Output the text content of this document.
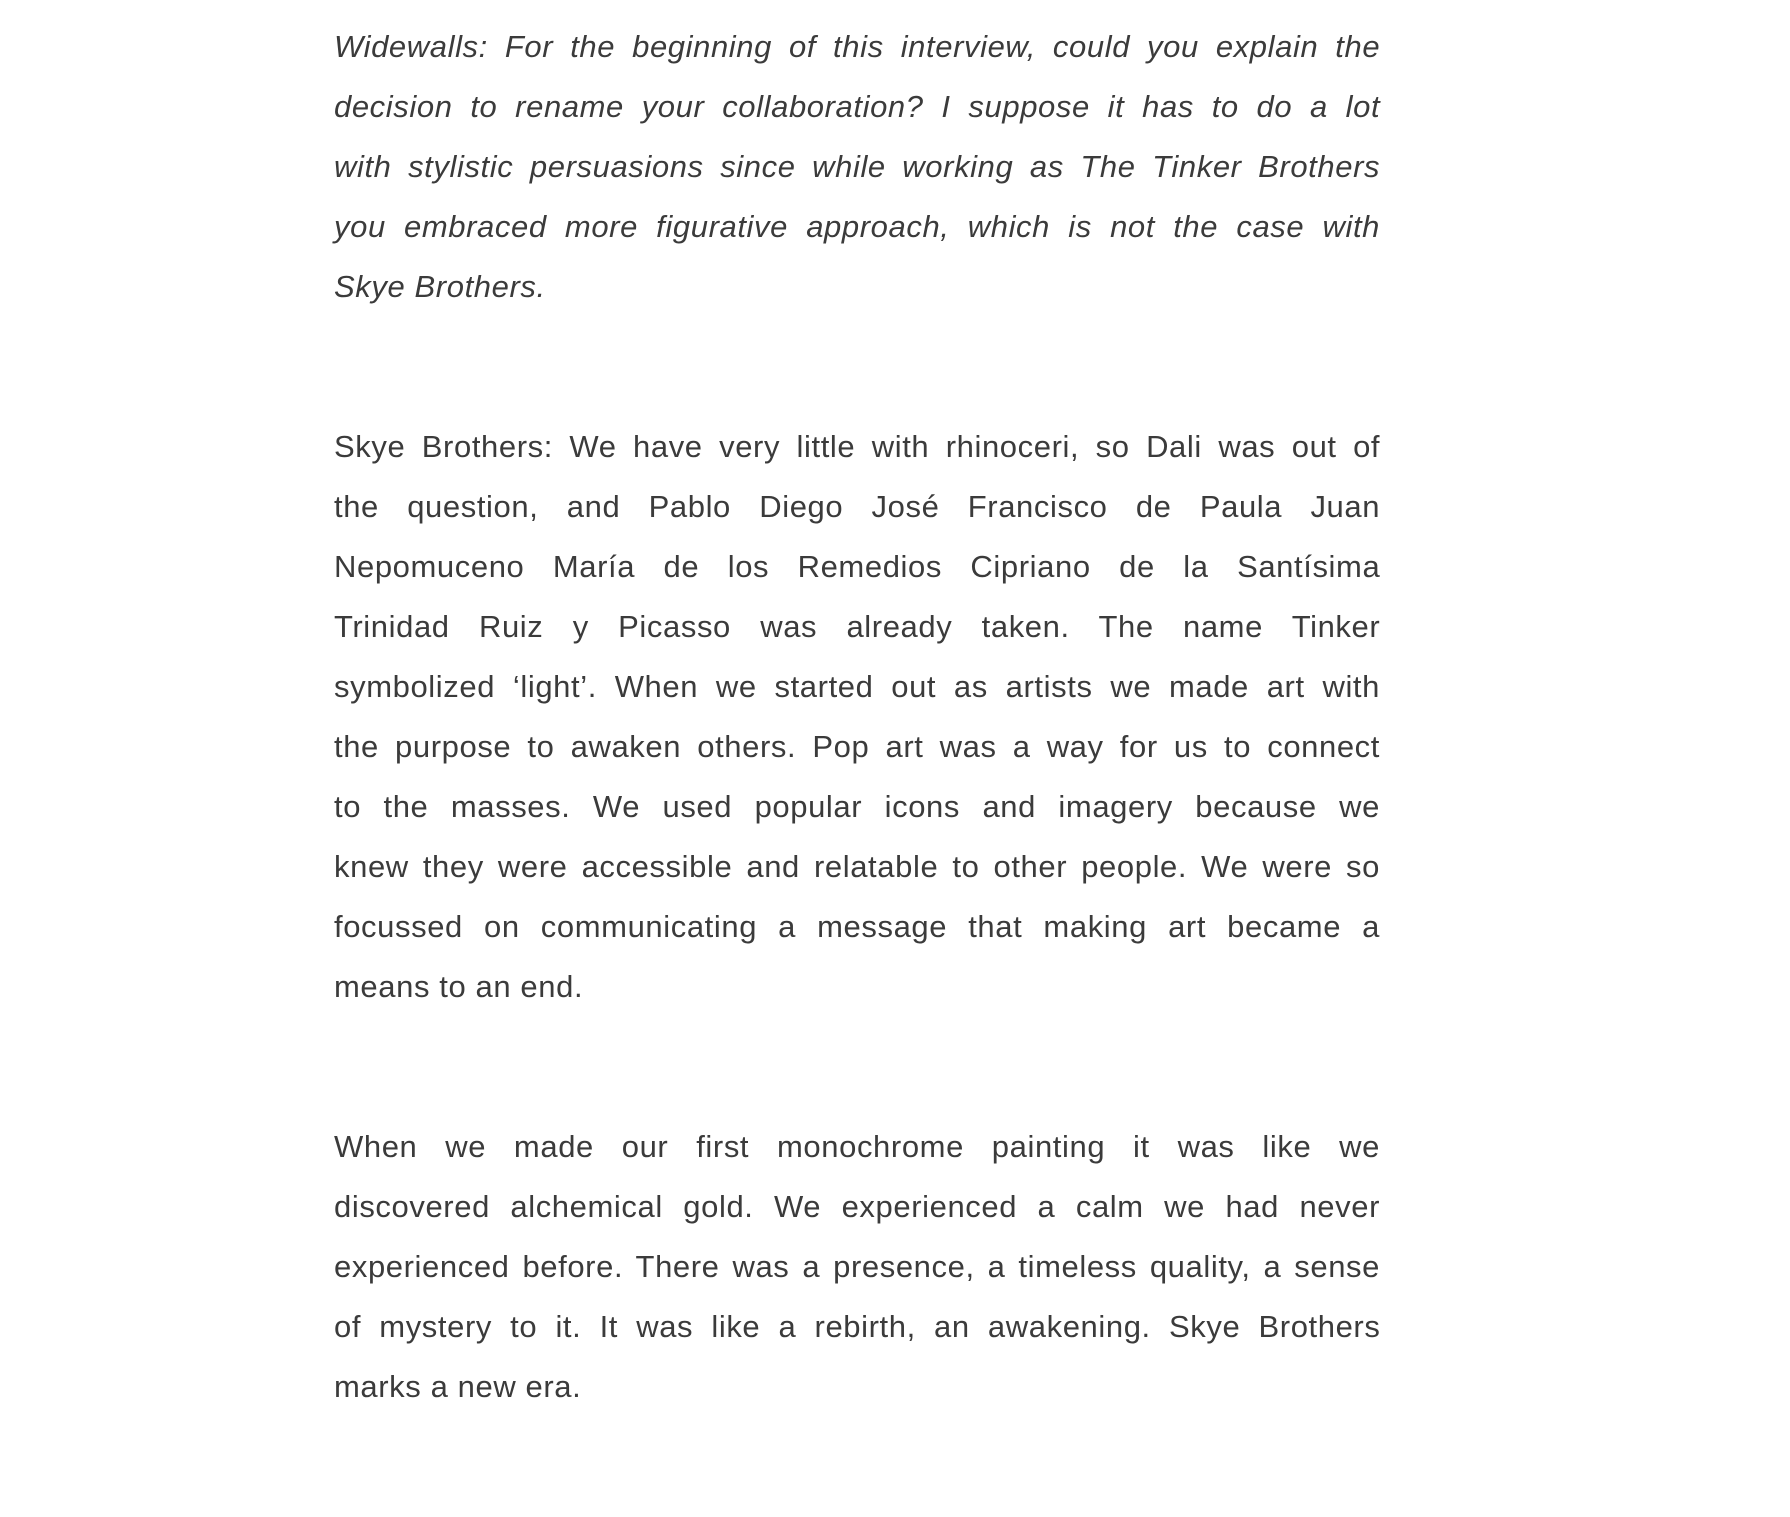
Widewalls: For the beginning of this interview, could you explain the
decision to rename your collaboration? I suppose it has to do a lot
with stylistic persuasions since while working as The Tinker Brothers
you embraced more figurative approach, which is not the case with
Skye Brothers.

Skye Brothers: We have very little with rhinoceri, so Dali was out of
the question, and Pablo Diego José Francisco de Paula Juan
Nepomuceno María de los Remedios Cipriano de la Santísima
Trinidad Ruiz y Picasso was already taken. The name Tinker
symbolized ‘light’. When we started out as artists we made art with
the purpose to awaken others. Pop art was a way for us to connect
to the masses. We used popular icons and imagery because we
knew they were accessible and relatable to other people. We were so
focussed on communicating a message that making art became a
means to an end.

When we made our first monochrome painting it was like we
discovered alchemical gold. We experienced a calm we had never
experienced before. There was a presence, a timeless quality, a sense
of mystery to it. It was like a rebirth, an awakening. Skye Brothers
marks a new era.
